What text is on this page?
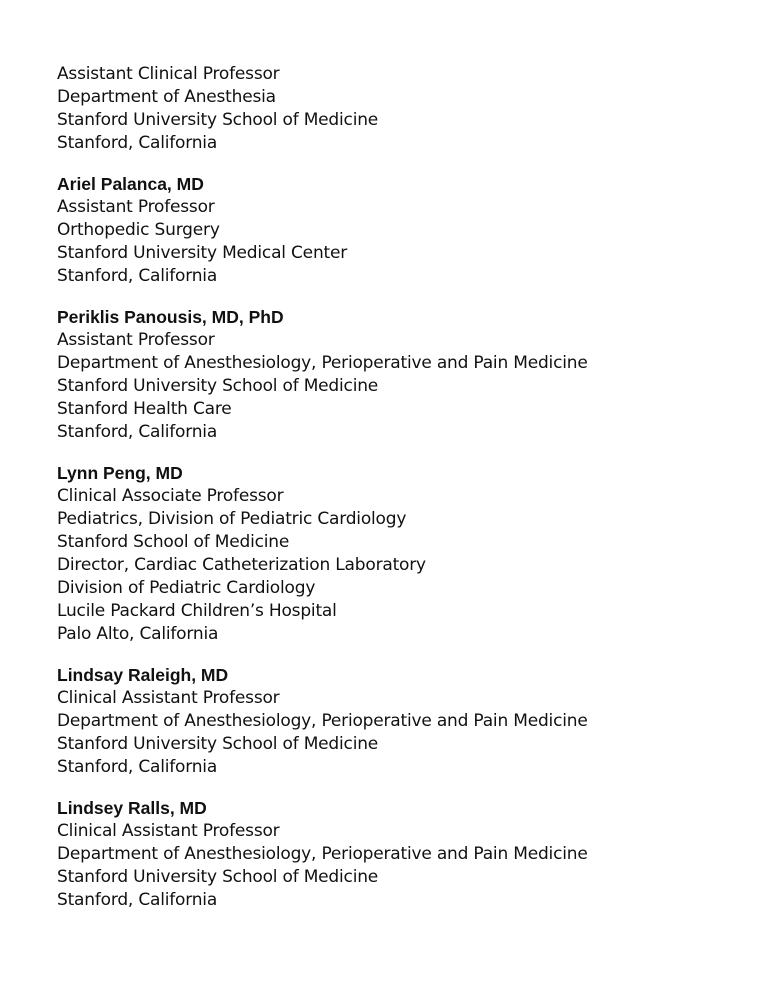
Assistant Clinical Professor
Department of Anesthesia
Stanford University School of Medicine
Stanford, California
Ariel Palanca, MD
Assistant Professor
Orthopedic Surgery
Stanford University Medical Center
Stanford, California
Periklis Panousis, MD, PhD
Assistant Professor
Department of Anesthesiology, Perioperative and Pain Medicine
Stanford University School of Medicine
Stanford Health Care
Stanford, California
Lynn Peng, MD
Clinical Associate Professor
Pediatrics, Division of Pediatric Cardiology
Stanford School of Medicine
Director, Cardiac Catheterization Laboratory
Division of Pediatric Cardiology
Lucile Packard Children’s Hospital
Palo Alto, California
Lindsay Raleigh, MD
Clinical Assistant Professor
Department of Anesthesiology, Perioperative and Pain Medicine
Stanford University School of Medicine
Stanford, California
Lindsey Ralls, MD
Clinical Assistant Professor
Department of Anesthesiology, Perioperative and Pain Medicine
Stanford University School of Medicine
Stanford, California
